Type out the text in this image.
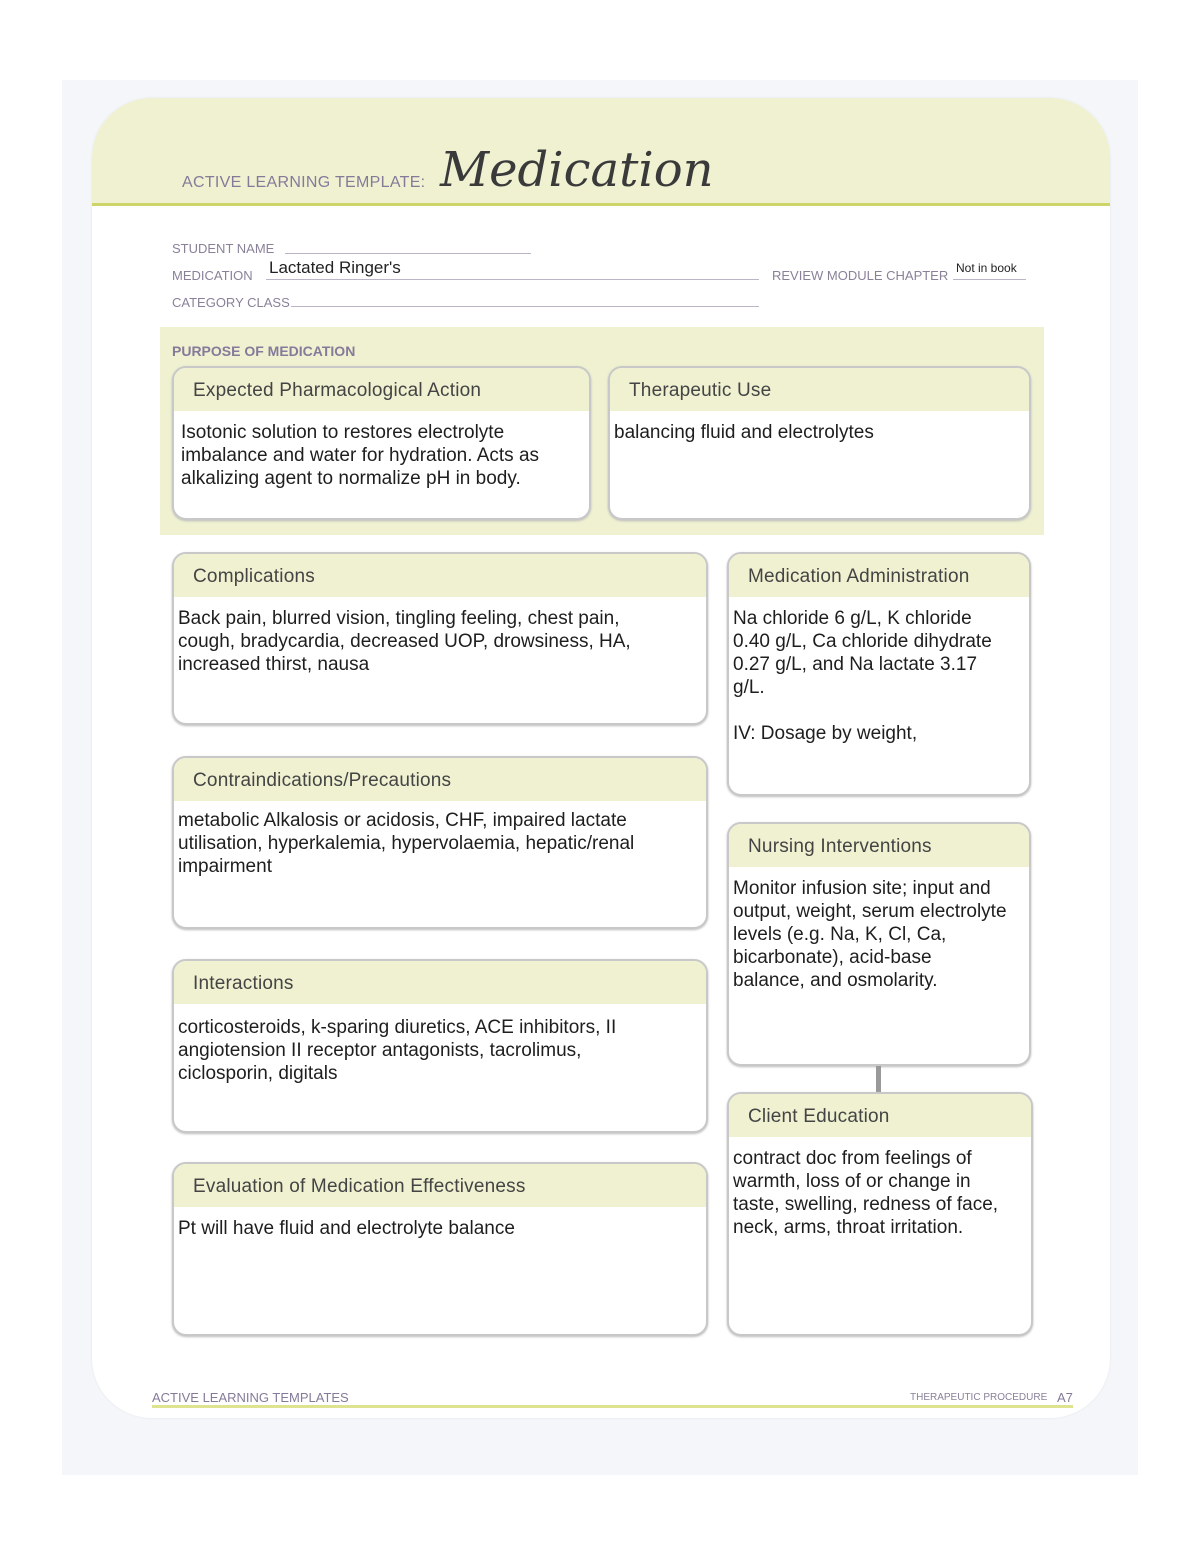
ACTIVE LEARNING TEMPLATE: Medication
STUDENT NAME
MEDICATION Lactated Ringer's	REVIEW MODULE CHAPTER Not in book
CATEGORY CLASS
PURPOSE OF MEDICATION
Expected Pharmacological Action
Isotonic solution to restores electrolyte
imbalance and water for hydration. Acts as
alkalizing agent to normalize pH in body.
Therapeutic Use
balancing fluid and electrolytes
Complications
Back pain, blurred vision, tingling feeling, chest pain,
cough, bradycardia, decreased UOP, drowsiness, HA,
increased thirst, nausa
Medication Administration
Na chloride 6 g/L, K chloride
0.40 g/L, Ca chloride dihydrate
0.27 g/L, and Na lactate 3.17
g/L.

IV: Dosage by weight,
Contraindications/Precautions
metabolic Alkalosis or acidosis, CHF, impaired lactate
utilisation, hyperkalemia, hypervolaemia, hepatic/renal
impairment
Nursing Interventions
Monitor infusion site; input and
output, weight, serum electrolyte
levels (e.g. Na, K, Cl, Ca,
bicarbonate), acid-base
balance, and osmolarity.
Interactions
corticosteroids, k-sparing diuretics, ACE inhibitors, II
angiotension II receptor antagonists, tacrolimus,
ciclosporin, digitals
Client Education
contract doc from feelings of
warmth, loss of or change in
taste, swelling, redness of face,
neck, arms, throat irritation.
Evaluation of Medication Effectiveness
Pt will have fluid and electrolyte balance
ACTIVE LEARNING TEMPLATES	THERAPEUTIC PROCEDURE A7
